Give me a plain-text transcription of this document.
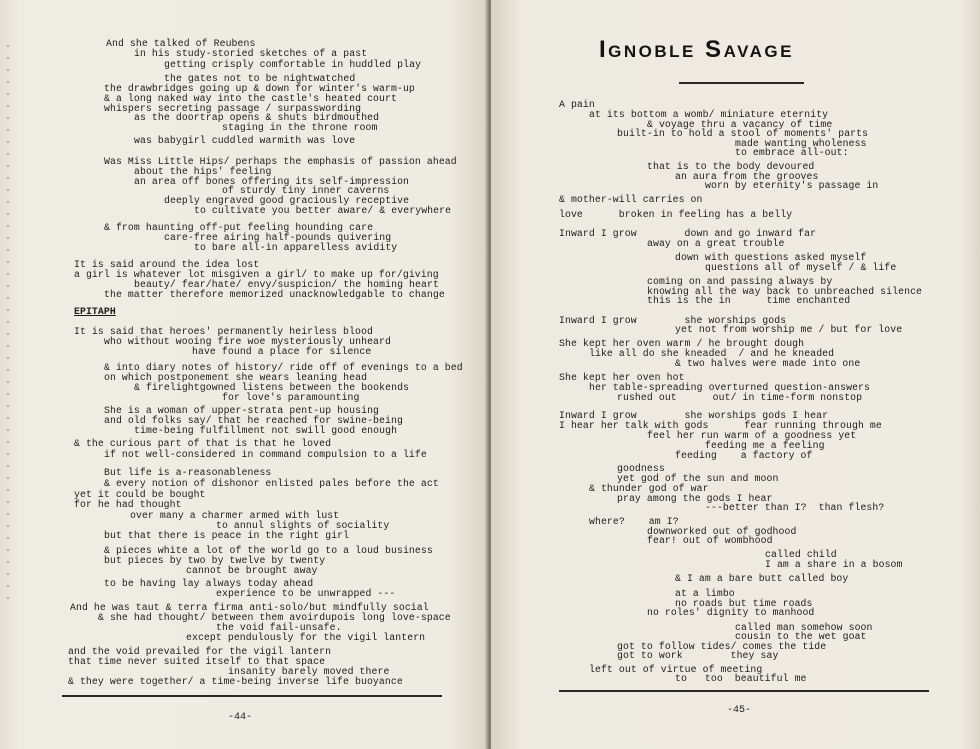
And she talked of Reubens
in his study-storied sketches of a past
getting crisply comfortable in huddled play
the gates not to be nightwatched
the drawbridges going up & down for winter's warm-up
& a long naked way into the castle's heated court
whispers secreting passage / surpasswording
as the doortrap opens & shuts birdmouthed
staging in the throne room
was babygirl cuddled warmith was love
Was Miss Little Hips/ perhaps the emphasis of passion ahead
about the hips' feeling
an area off bones offering its self-impression
of sturdy tiny inner caverns
deeply engraved good graciously receptive
to cultivate you better aware/ & everywhere
& from haunting off-put feeling hounding care
care-free airing half-pounds quivering
to bare all-in apparelless avidity
It is said around the idea lost
a girl is whatever lot misgiven a girl/ to make up for/giving
beauty/ fear/hate/ envy/suspicion/ the homing heart
the matter therefore memorized unacknowledgable to change
EPITAPH
It is said that heroes' permanently heirless blood
who without wooing fire woe mysteriously unheard
have found a place for silence
& into diary notes of history/ ride off of evenings to a bed
on which postponement she wears leaning head
& firelightgowned listens between the bookends
for love's paramounting
She is a woman of upper-strata pent-up housing
and old folks say/ that he reached for swine-being
time-being fulfillment not swill good enough
& the curious part of that is that he loved
if not well-considered in command compulsion to a life
But life is a-reasonableness
& every notion of dishonor enlisted pales before the act
yet it could be bought
for he had thought
over many a charmer armed with lust
to annul slights of sociality
but that there is peace in the right girl
& pieces white a lot of the world go to a loud business
but pieces by two by twelve by twenty
cannot be brought away
to be having lay always today ahead
experience to be unwrapped ---
And he was taut & terra firma anti-solo/but mindfully social
& she had thought/ between them avoirdupois long love-space
the void fail-unsafe.
except pendulously for the vigil lantern
and the void prevailed for the vigil lantern
that time never suited itself to that space
insanity barely moved there
& they were together/ a time-being inverse life buoyance
-44-
Ignoble Savage
A pain
at its bottom a womb/ miniature eternity
& voyage thru a vacancy of time
built-in to hold a stool of moments' parts
made wanting wholeness
to embrace all-out:
that is to the body devoured
an aura from the grooves
worn by eternity's passage in
& mother-will carries on
love      broken in feeling has a belly
Inward I grow        down and go inward far
away on a great trouble
down with questions asked myself
questions all of myself / & life
coming on and passing always by
knowing all the way back to unbreached silence
this is the in      time enchanted
Inward I grow        she worships gods
yet not from worship me / but for love
She kept her oven warm / he brought dough
like all do she kneaded  / and he kneaded
& two halves were made into one
She kept her oven hot
her table-spreading overturned question-answers
rushed out      out/ in time-form nonstop
Inward I grow        she worships gods I hear
I hear her talk with gods      fear running through me
feel her run warm of a goodness yet
feeding me a feeling
feeding    a factory of
goodness
yet god of the sun and moon
& thunder god of war
pray among the gods I hear
---better than I?  than flesh?
where?    am I?
downworked out of godhood
fear! out of wombhood
called child
I am a share in a bosom
& I am a bare butt called boy
at a limbo
no roads but time roads
no roles' dignity to manhood
called man somehow soon
cousin to the wet goat
got to follow tides/ comes the tide
got to work        they say
left out of virtue of meeting
to   too  beautiful me
-45-
